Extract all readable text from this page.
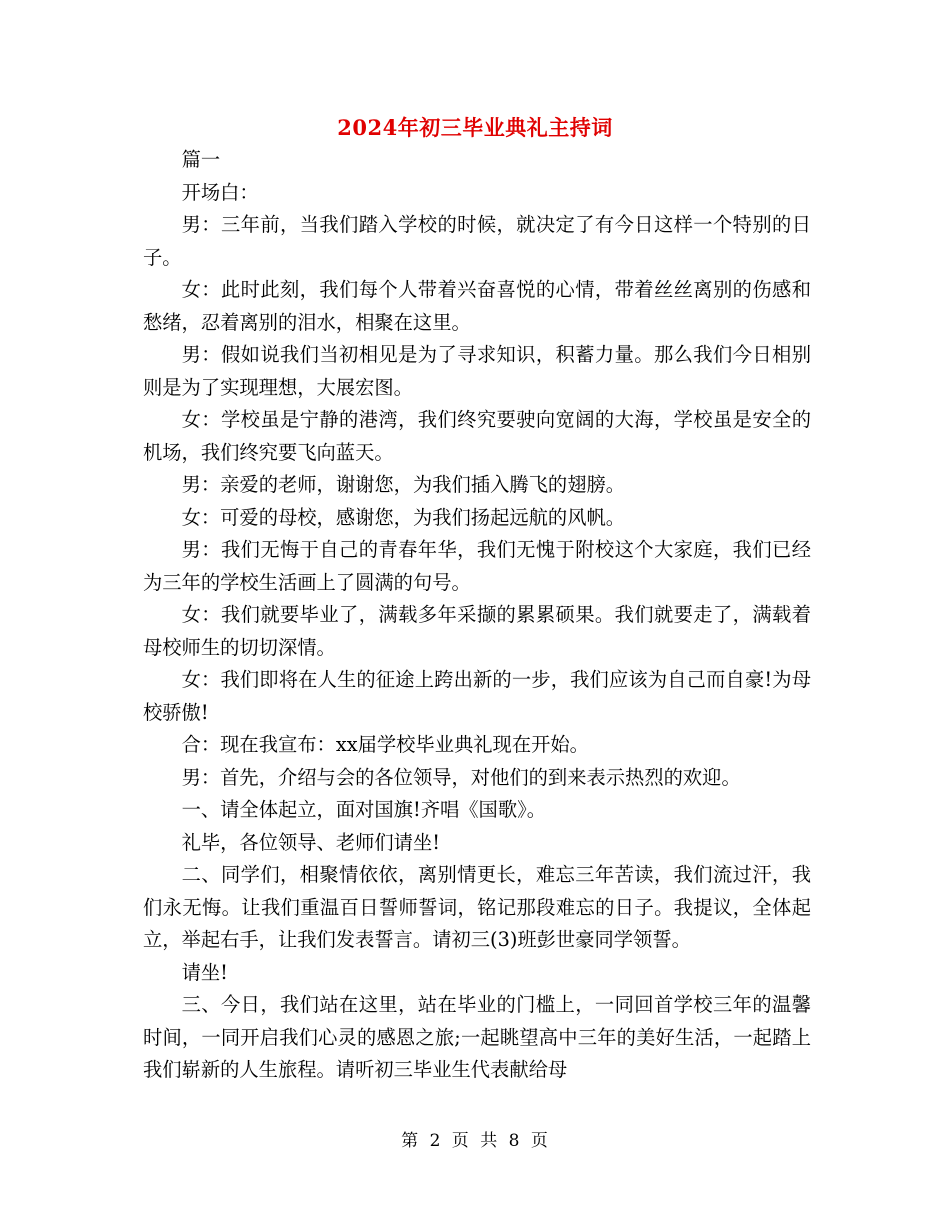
2024年初三毕业典礼主持词

篇一

开场白：

男：三年前，当我们踏入学校的时候，就决定了有今日这样一个特别的日子。

女：此时此刻，我们每个人带着兴奋喜悦的心情，带着丝丝离别的伤感和愁绪，忍着离别的泪水，相聚在这里。

男：假如说我们当初相见是为了寻求知识，积蓄力量。那么我们今日相别则是为了实现理想，大展宏图。

女：学校虽是宁静的港湾，我们终究要驶向宽阔的大海，学校虽是安全的机场，我们终究要飞向蓝天。

男：亲爱的老师，谢谢您，为我们插入腾飞的翅膀。

女：可爱的母校，感谢您，为我们扬起远航的风帆。

男：我们无悔于自己的青春年华，我们无愧于附校这个大家庭，我们已经为三年的学校生活画上了圆满的句号。

女：我们就要毕业了，满载多年采撷的累累硕果。我们就要走了，满载着母校师生的切切深情。

女：我们即将在人生的征途上跨出新的一步，我们应该为自己而自豪!为母校骄傲!

合：现在我宣布：xx届学校毕业典礼现在开始。

男：首先，介绍与会的各位领导，对他们的到来表示热烈的欢迎。

一、请全体起立，面对国旗!齐唱《国歌》。

礼毕，各位领导、老师们请坐!

二、同学们，相聚情依依，离别情更长，难忘三年苦读，我们流过汗，我们永无悔。让我们重温百日誓师誓词，铭记那段难忘的日子。我提议，全体起立，举起右手，让我们发表誓言。请初三(3)班彭世豪同学领誓。

请坐!

三、今日，我们站在这里，站在毕业的门槛上，一同回首学校三年的温馨时间，一同开启我们心灵的感恩之旅;一起眺望高中三年的美好生活，一起踏上我们崭新的人生旅程。请听初三毕业生代表献给母

第 2 页 共 8 页
